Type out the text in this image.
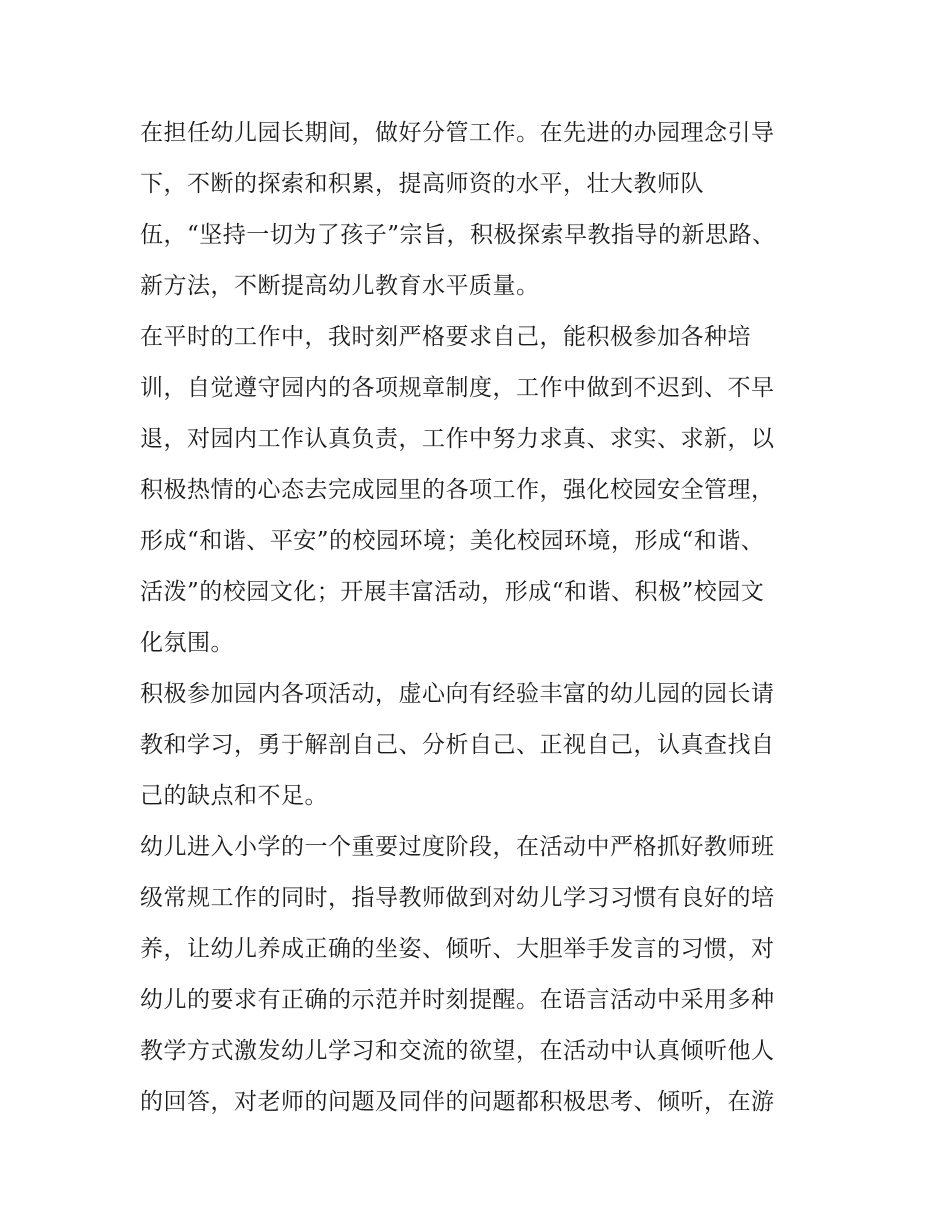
在担任幼儿园长期间，做好分管工作。在先进的办园理念引导
下，不断的探索和积累，提高师资的水平，壮大教师队
伍，“坚持一切为了孩子”宗旨，积极探索早教指导的新思路、
新方法，不断提高幼儿教育水平质量。
在平时的工作中，我时刻严格要求自己，能积极参加各种培
训，自觉遵守园内的各项规章制度，工作中做到不迟到、不早
退，对园内工作认真负责，工作中努力求真、求实、求新，以
积极热情的心态去完成园里的各项工作，强化校园安全管理，
形成“和谐、平安”的校园环境；美化校园环境，形成“和谐、
活泼”的校园文化；开展丰富活动，形成“和谐、积极”校园文
化氛围。
积极参加园内各项活动，虚心向有经验丰富的幼儿园的园长请
教和学习，勇于解剖自己、分析自己、正视自己，认真查找自
己的缺点和不足。
幼儿进入小学的一个重要过度阶段，在活动中严格抓好教师班
级常规工作的同时，指导教师做到对幼儿学习习惯有良好的培
养，让幼儿养成正确的坐姿、倾听、大胆举手发言的习惯，对
幼儿的要求有正确的示范并时刻提醒。在语言活动中采用多种
教学方式激发幼儿学习和交流的欲望，在活动中认真倾听他人
的回答，对老师的问题及同伴的问题都积极思考、倾听，在游
